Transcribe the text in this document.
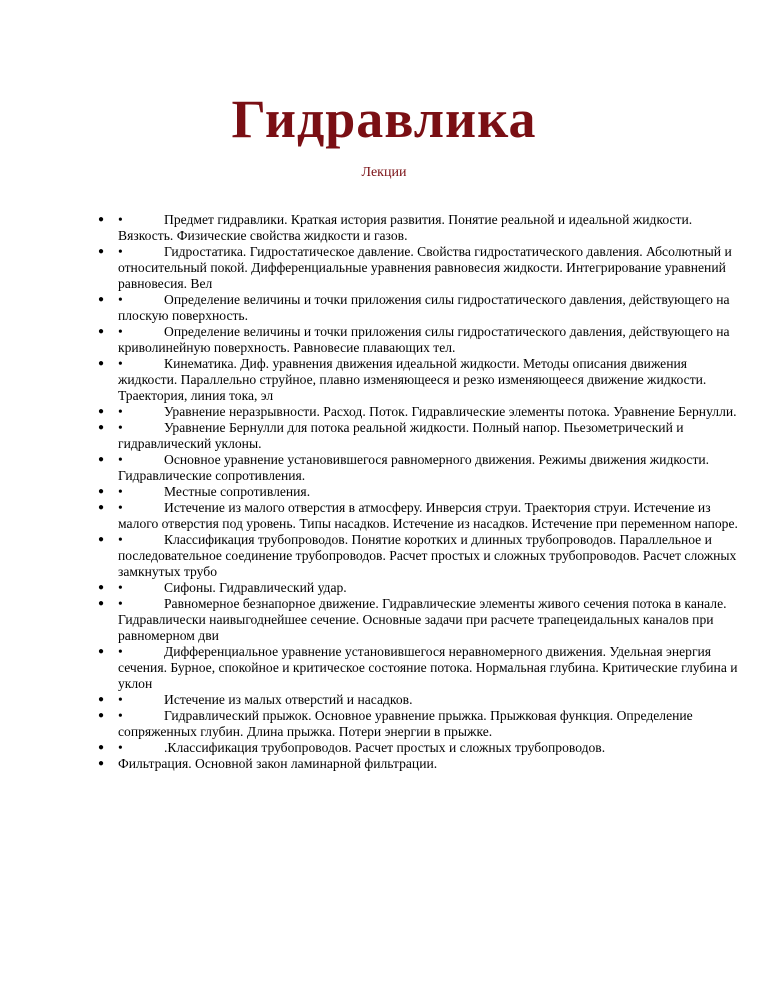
Гидравлика

Лекции

● •	Предмет гидравлики. Краткая история развития. Понятие реальной и идеальной жидкости. Вязкость. Физические свойства жидкости и газов.
● •	Гидростатика. Гидростатическое давление. Свойства гидростатического давления. Абсолютный и относительный покой. Дифференциальные уравнения равновесия жидкости. Интегрирование уравнений равновесия. Вел
● •	Определение величины и точки приложения силы гидростатического давления, действующего на плоскую поверхность.
● •	Определение величины и точки приложения силы гидростатического давления, действующего на криволинейную поверхность. Равновесие плавающих тел.
● •	Кинематика. Диф. уравнения движения идеальной жидкости. Методы описания движения жидкости. Параллельно струйное, плавно изменяющееся и резко изменяющееся движение жидкости. Траектория, линия тока, эл
● •	Уравнение неразрывности. Расход. Поток. Гидравлические элементы потока. Уравнение Бернулли.
● •	Уравнение Бернулли для потока реальной жидкости. Полный напор. Пьезометрический и гидравлический уклоны.
● •	Основное уравнение установившегося равномерного движения. Режимы движения жидкости. Гидравлические сопротивления.
● •	Местные сопротивления.
● •	Истечение из малого отверстия в атмосферу. Инверсия струи. Траектория струи. Истечение из малого отверстия под уровень. Типы насадков. Истечение из насадков. Истечение при переменном напоре.
● •	Классификация трубопроводов. Понятие коротких и длинных трубопроводов. Параллельное и последовательное соединение трубопроводов. Расчет простых и сложных трубопроводов. Расчет сложных замкнутых трубо
● •	Сифоны. Гидравлический удар.
● •	Равномерное безнапорное движение. Гидравлические элементы живого сечения потока в канале. Гидравлически наивыгоднейшее сечение. Основные задачи при расчете трапецеидальных каналов при равномерном дви
● •	Дифференциальное уравнение установившегося неравномерного движения. Удельная энергия сечения. Бурное, спокойное и критическое состояние потока. Нормальная глубина. Критические глубина и уклон
● •	Истечение из малых отверстий и насадков.
● •	Гидравлический прыжок. Основное уравнение прыжка. Прыжковая функция. Определение сопряженных глубин. Длина прыжка. Потери энергии в прыжке.
● •	.Классификация трубопроводов. Расчет простых и сложных трубопроводов.
● Фильтрация. Основной закон ламинарной фильтрации.
